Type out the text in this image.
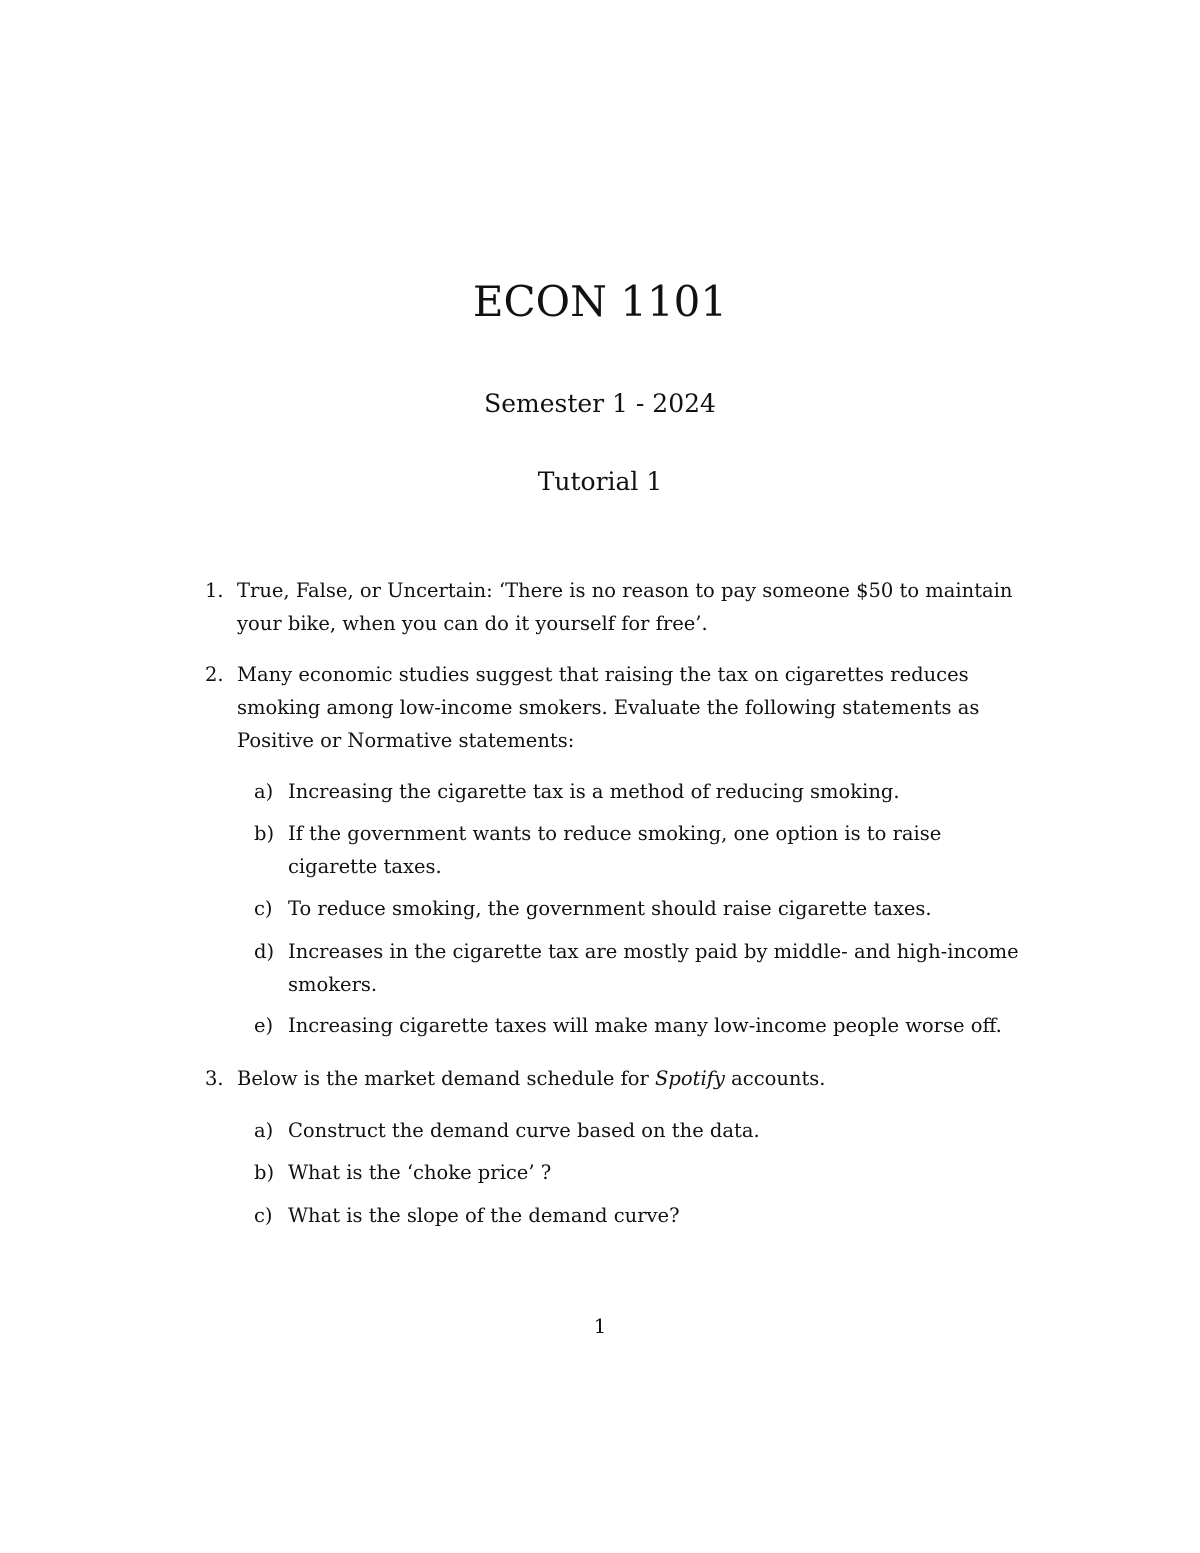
ECON 1101
Semester 1 - 2024
Tutorial 1
1. True, False, or Uncertain: ‘There is no reason to pay someone $50 to maintain your bike, when you can do it yourself for free’.
2. Many economic studies suggest that raising the tax on cigarettes reduces smoking among low-income smokers. Evaluate the following statements as Positive or Normative statements:
a) Increasing the cigarette tax is a method of reducing smoking.
b) If the government wants to reduce smoking, one option is to raise cigarette taxes.
c) To reduce smoking, the government should raise cigarette taxes.
d) Increases in the cigarette tax are mostly paid by middle- and high-income smokers.
e) Increasing cigarette taxes will make many low-income people worse off.
3. Below is the market demand schedule for Spotify accounts.
a) Construct the demand curve based on the data.
b) What is the ‘choke price’ ?
c) What is the slope of the demand curve?
1
